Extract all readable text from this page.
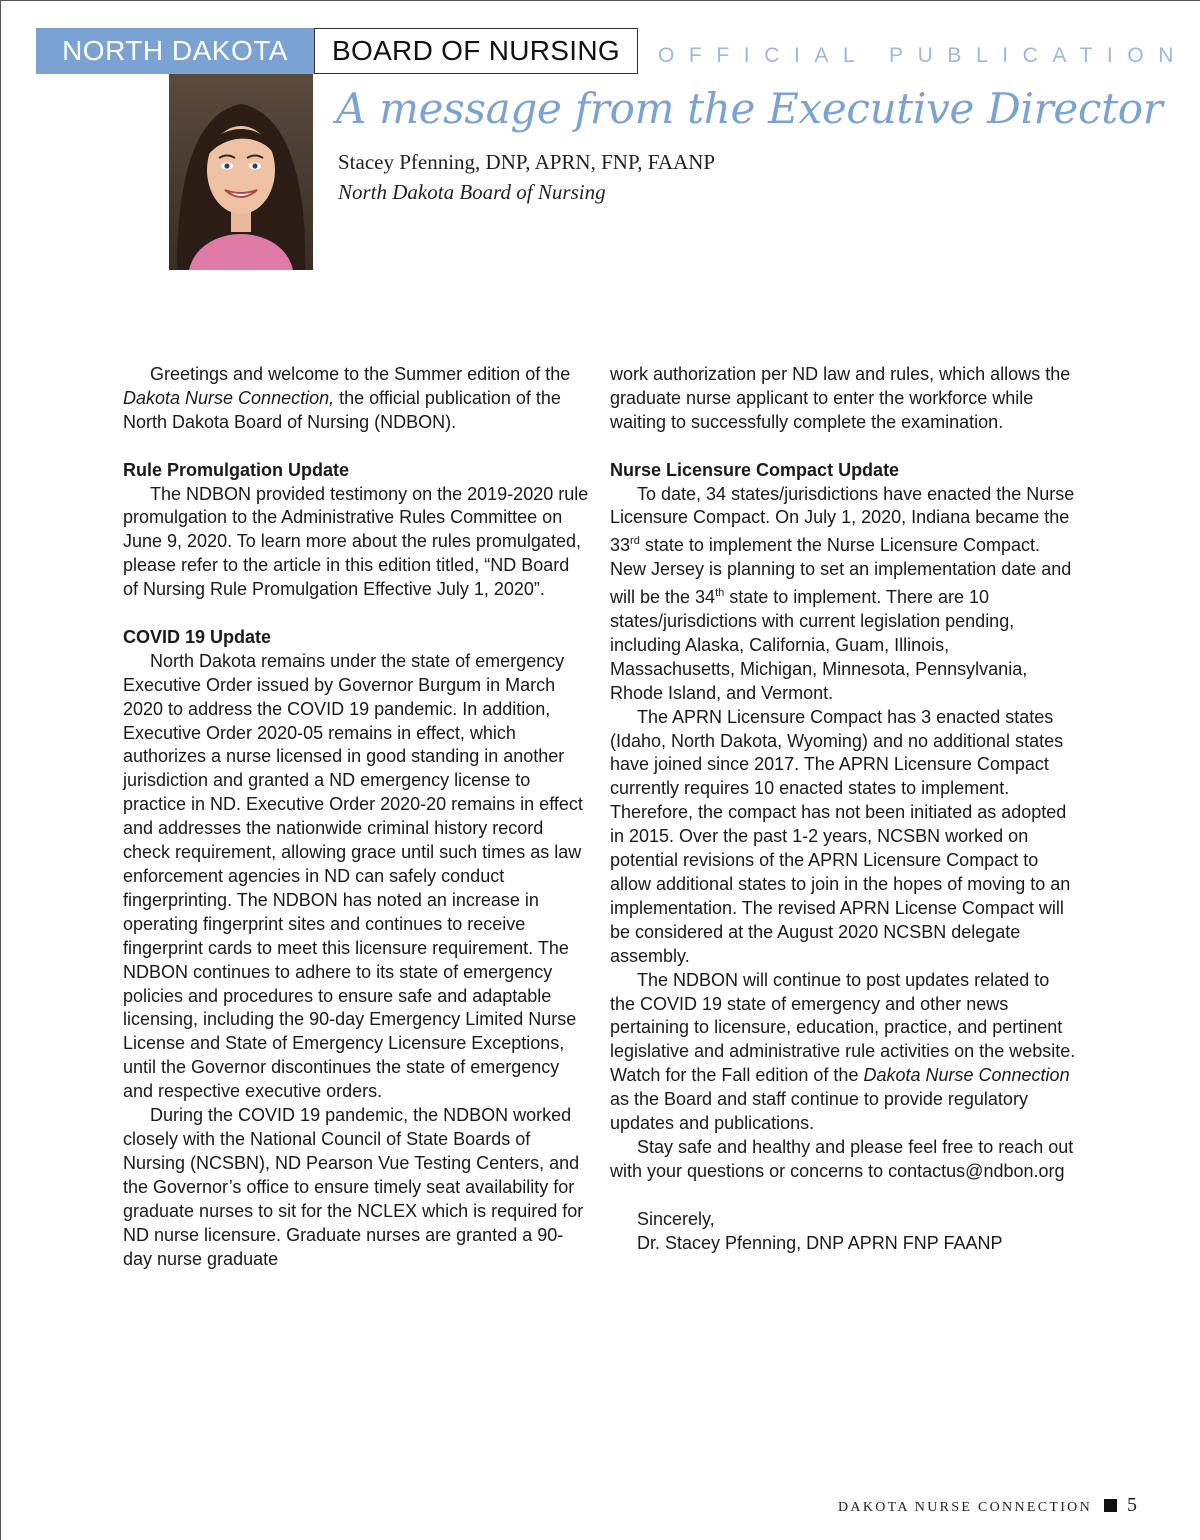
NORTH DAKOTA	BOARD OF NURSING	OFFICIAL PUBLICATION
A message from the Executive Director
Stacey Pfenning, DNP, APRN, FNP, FAANP
North Dakota Board of Nursing

Greetings and welcome to the Summer edition of the Dakota Nurse Connection, the official publication of the North Dakota Board of Nursing (NDBON).

Rule Promulgation Update

The NDBON provided testimony on the 2019-2020 rule promulgation to the Administrative Rules Committee on June 9, 2020. To learn more about the rules promulgated, please refer to the article in this edition titled, “ND Board of Nursing Rule Promulgation Effective July 1, 2020”.

COVID 19 Update

North Dakota remains under the state of emergency Executive Order issued by Governor Burgum in March 2020 to address the COVID 19 pandemic. In addition, Executive Order 2020-05 remains in effect, which authorizes a nurse licensed in good standing in another jurisdiction and granted a ND emergency license to practice in ND. Executive Order 2020-20 remains in effect and addresses the nationwide criminal history record check requirement, allowing grace until such times as law enforcement agencies in ND can safely conduct fingerprinting. The NDBON has noted an increase in operating fingerprint sites and continues to receive fingerprint cards to meet this licensure requirement. The NDBON continues to adhere to its state of emergency policies and procedures to ensure safe and adaptable licensing, including the 90-day Emergency Limited Nurse License and State of Emergency Licensure Exceptions, until the Governor discontinues the state of emergency and respective executive orders.

During the COVID 19 pandemic, the NDBON worked closely with the National Council of State Boards of Nursing (NCSBN), ND Pearson Vue Testing Centers, and the Governor’s office to ensure timely seat availability for graduate nurses to sit for the NCLEX which is required for ND nurse licensure. Graduate nurses are granted a 90-day nurse graduate

work authorization per ND law and rules, which allows the graduate nurse applicant to enter the workforce while waiting to successfully complete the examination.

Nurse Licensure Compact Update

To date, 34 states/jurisdictions have enacted the Nurse Licensure Compact. On July 1, 2020, Indiana became the 33rd state to implement the Nurse Licensure Compact. New Jersey is planning to set an implementation date and will be the 34th state to implement. There are 10 states/jurisdictions with current legislation pending, including Alaska, California, Guam, Illinois, Massachusetts, Michigan, Minnesota, Pennsylvania, Rhode Island, and Vermont.

The APRN Licensure Compact has 3 enacted states (Idaho, North Dakota, Wyoming) and no additional states have joined since 2017. The APRN Licensure Compact currently requires 10 enacted states to implement. Therefore, the compact has not been initiated as adopted in 2015. Over the past 1-2 years, NCSBN worked on potential revisions of the APRN Licensure Compact to allow additional states to join in the hopes of moving to an implementation. The revised APRN License Compact will be considered at the August 2020 NCSBN delegate assembly.

The NDBON will continue to post updates related to the COVID 19 state of emergency and other news pertaining to licensure, education, practice, and pertinent legislative and administrative rule activities on the website. Watch for the Fall edition of the Dakota Nurse Connection as the Board and staff continue to provide regulatory updates and publications.

Stay safe and healthy and please feel free to reach out with your questions or concerns to contactus@ndbon.org

Sincerely,

Dr. Stacey Pfenning, DNP APRN FNP FAANP

DAKOTA NURSE CONNECTION 5
